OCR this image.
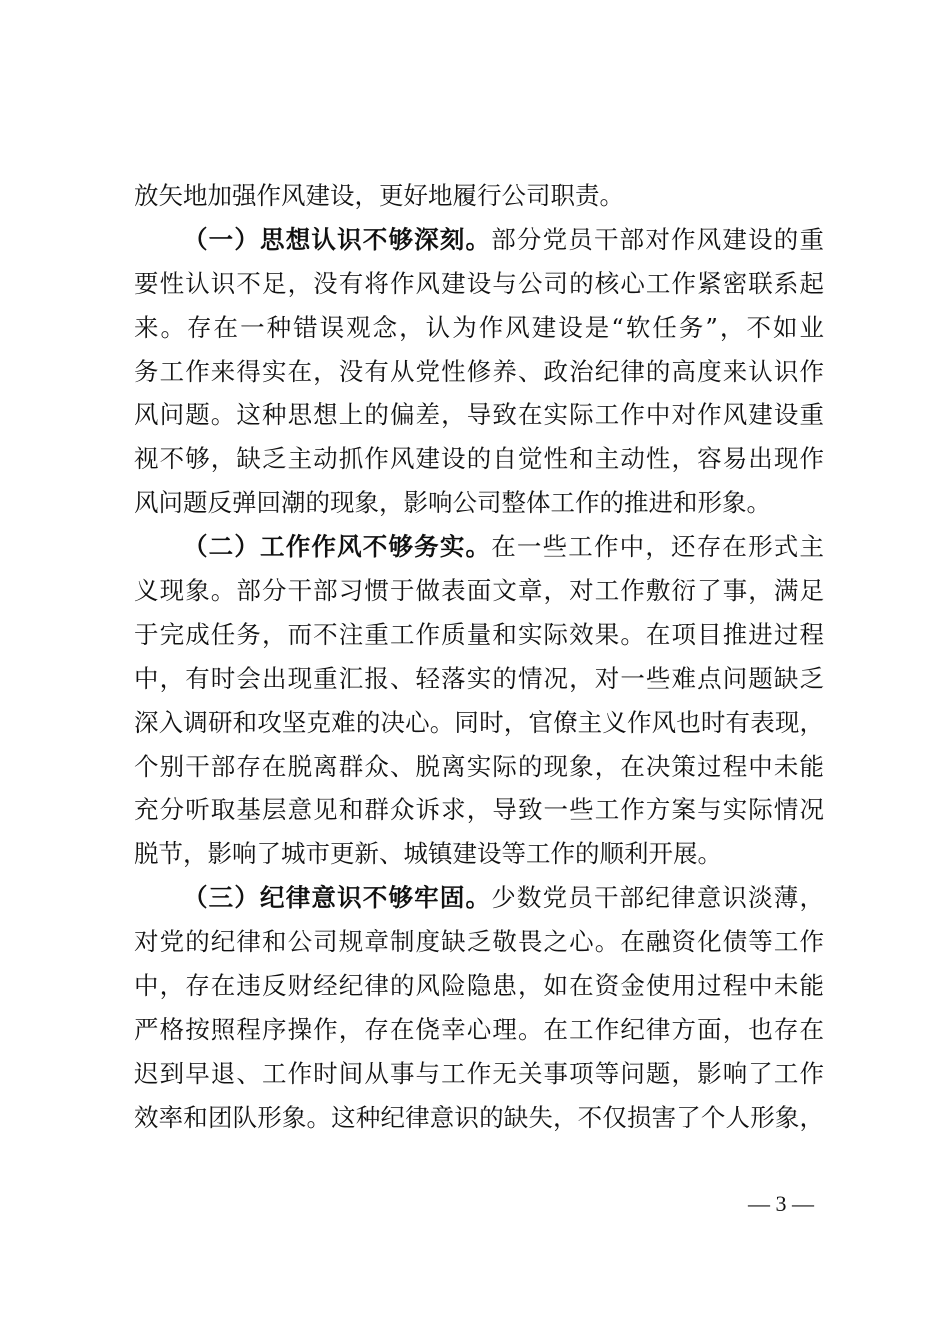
放矢地加强作风建设，更好地履行公司职责。
（一）思想认识不够深刻。部分党员干部对作风建设的重
要性认识不足，没有将作风建设与公司的核心工作紧密联系起
来。存在一种错误观念，认为作风建设是“软任务”，不如业
务工作来得实在，没有从党性修养、政治纪律的高度来认识作
风问题。这种思想上的偏差，导致在实际工作中对作风建设重
视不够，缺乏主动抓作风建设的自觉性和主动性，容易出现作
风问题反弹回潮的现象，影响公司整体工作的推进和形象。
（二）工作作风不够务实。在一些工作中，还存在形式主
义现象。部分干部习惯于做表面文章，对工作敷衍了事，满足
于完成任务，而不注重工作质量和实际效果。在项目推进过程
中，有时会出现重汇报、轻落实的情况，对一些难点问题缺乏
深入调研和攻坚克难的决心。同时，官僚主义作风也时有表现，
个别干部存在脱离群众、脱离实际的现象，在决策过程中未能
充分听取基层意见和群众诉求，导致一些工作方案与实际情况
脱节，影响了城市更新、城镇建设等工作的顺利开展。
（三）纪律意识不够牢固。少数党员干部纪律意识淡薄，
对党的纪律和公司规章制度缺乏敬畏之心。在融资化债等工作
中，存在违反财经纪律的风险隐患，如在资金使用过程中未能
严格按照程序操作，存在侥幸心理。在工作纪律方面，也存在
迟到早退、工作时间从事与工作无关事项等问题，影响了工作
效率和团队形象。这种纪律意识的缺失，不仅损害了个人形象，
— 3 —
